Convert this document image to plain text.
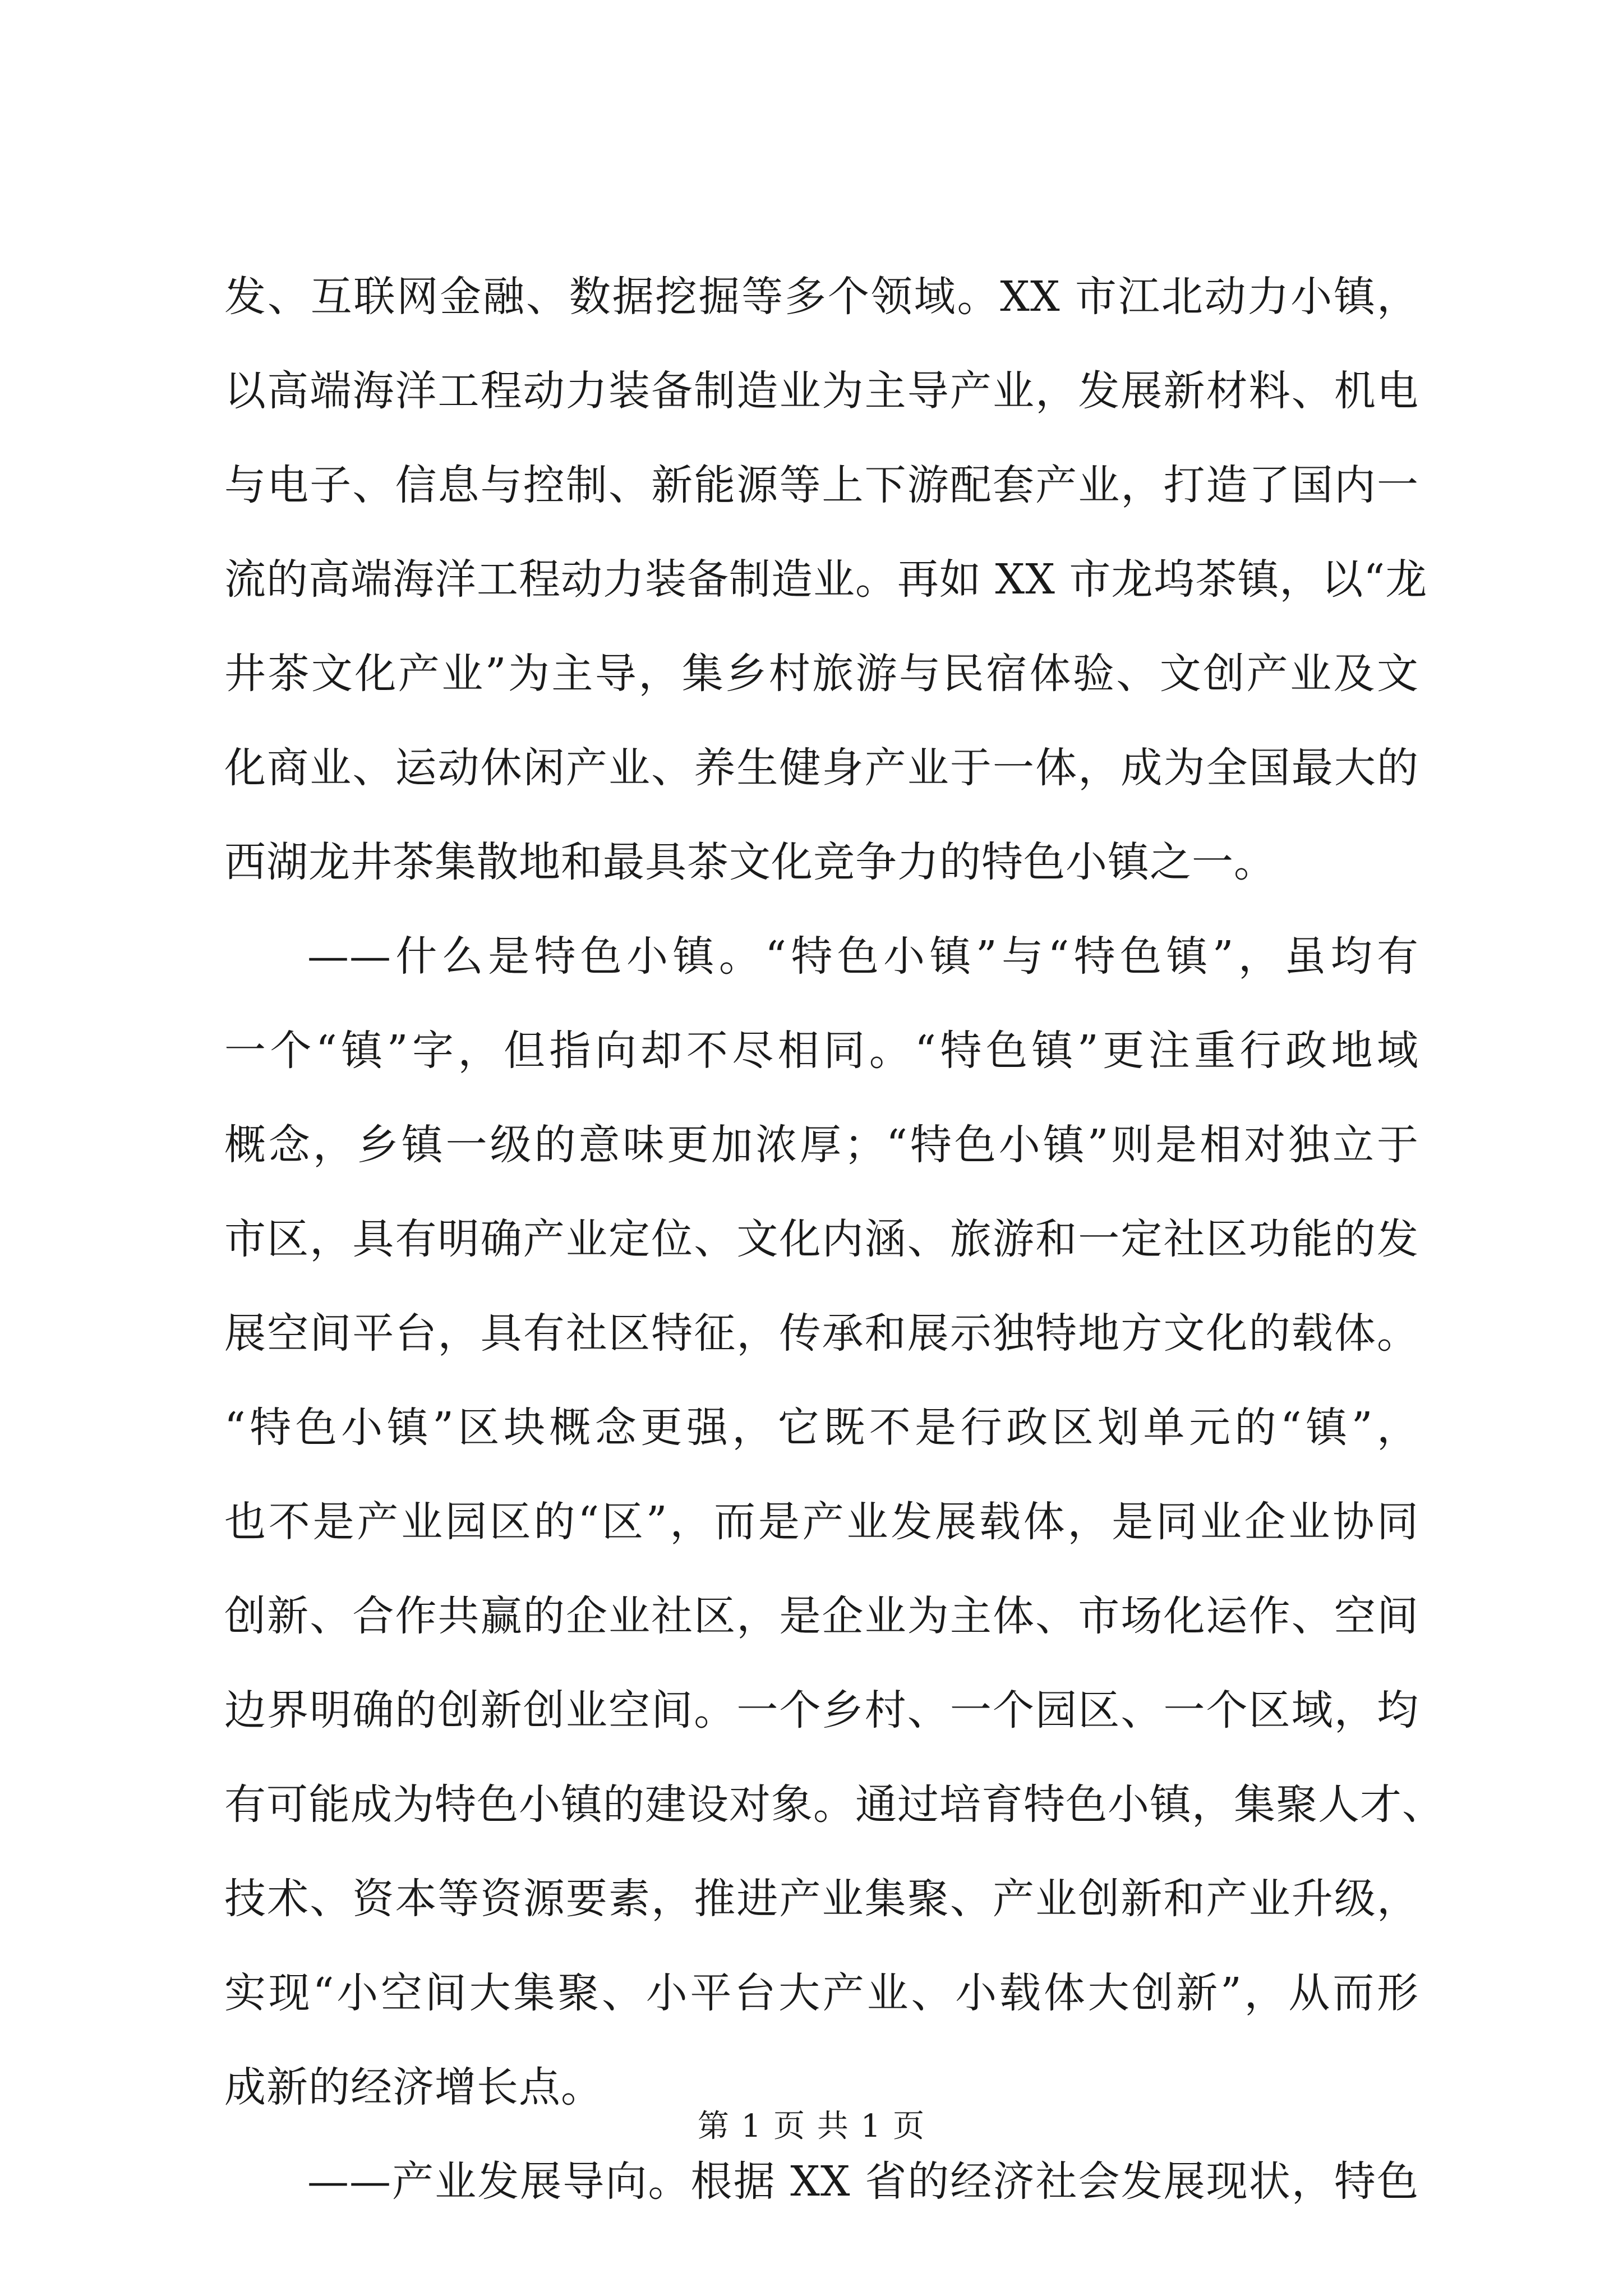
发、互联网金融、数据挖掘等多个领域。XX 市江北动力小镇，
以高端海洋工程动力装备制造业为主导产业，发展新材料、机电
与电子、信息与控制、新能源等上下游配套产业，打造了国内一
流的高端海洋工程动力装备制造业。再如 XX 市龙坞茶镇，以“龙
井茶文化产业”为主导，集乡村旅游与民宿体验、文创产业及文
化商业、运动休闲产业、养生健身产业于一体，成为全国最大的
西湖龙井茶集散地和最具茶文化竞争力的特色小镇之一。
——什么是特色小镇。“特色小镇”与“特色镇”，虽均有
一个“镇”字，但指向却不尽相同。“特色镇”更注重行政地域
概念，乡镇一级的意味更加浓厚；“特色小镇”则是相对独立于
市区，具有明确产业定位、文化内涵、旅游和一定社区功能的发
展空间平台，具有社区特征，传承和展示独特地方文化的载体。
“特色小镇”区块概念更强，它既不是行政区划单元的“镇”，
也不是产业园区的“区”，而是产业发展载体，是同业企业协同
创新、合作共赢的企业社区，是企业为主体、市场化运作、空间
边界明确的创新创业空间。一个乡村、一个园区、一个区域，均
有可能成为特色小镇的建设对象。通过培育特色小镇，集聚人才、
技术、资本等资源要素，推进产业集聚、产业创新和产业升级，
实现“小空间大集聚、小平台大产业、小载体大创新”，从而形
成新的经济增长点。
——产业发展导向。根据 XX 省的经济社会发展现状，特色
第 1 页 共 1 页
